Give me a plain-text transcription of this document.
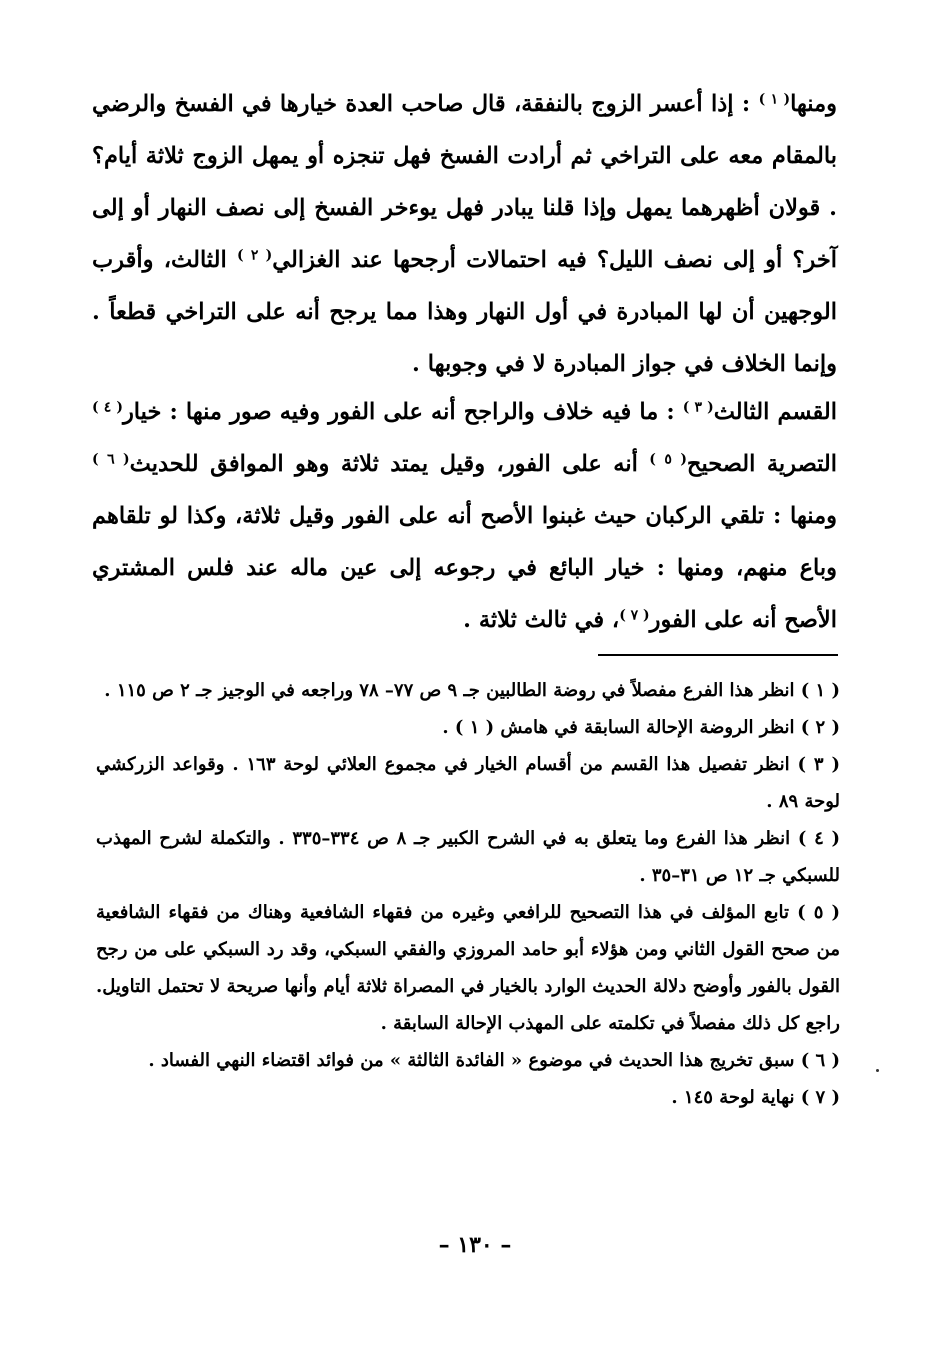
ومنها$^{( ١ )}$ : إذا أعسر الزوج بالنفقة، قال صاحب العدة خيارها في الفسخ والرضي بالمقام معه على التراخي ثم أرادت الفسخ فهل تنجزه أو يمهل الزوج ثلاثة أيام؟ . قولان أظهرهما يمهل وإذا قلنا يبادر فهل يوءخر الفسخ إلى نصف النهار أو إلى آخر؟ أو إلى نصف الليل؟ فيه احتمالات أرجحها عند الغزالي$^{( ٢ )}$ الثالث، وأقرب الوجهين أن لها المبادرة في أول النهار وهذا مما يرجح أنه على التراخي قطعاً . وإنما الخلاف في جواز المبادرة لا في وجوبها .

القسم الثالث$^{( ٣ )}$ : ما فيه خلاف والراجح أنه على الفور وفيه صور منها : خيار$^{( ٤ )}$ التصرية الصحيح$^{( ٥ )}$ أنه على الفور، وقيل يمتد ثلاثة وهو الموافق للحديث$^{( ٦ )}$ ومنها : تلقي الركبان حيث غبنوا الأصح أنه على الفور وقيل ثلاثة، وكذا لو تلقاهم وباع منهم، ومنها : خيار البائع في رجوعه إلى عين ماله عند فلس المشتري الأصح أنه على الفور$^{( ٧ )}$، في ثالث ثلاثة .

( ١ ) انظر هذا الفرع مفصلاً في روضة الطالبين جـ ٩ ص ٧٧– ٧٨ وراجعه في الوجيز جـ ٢ ص ١١٥ .

( ٢ ) انظر الروضة الإحالة السابقة في هامش ( ١ ) .

( ٣ ) انظر تفصيل هذا القسم من أقسام الخيار في مجموع العلائي لوحة ١٦٣ . وقواعد الزركشي لوحة ٨٩ .

( ٤ ) انظر هذا الفرع وما يتعلق به في الشرح الكبير جـ ٨ ص ٣٣٤–٣٣٥ . والتكملة لشرح المهذب للسبكي جـ ١٢ ص ٣١–٣٥ .

( ٥ ) تابع المؤلف في هذا التصحيح للرافعي وغيره من فقهاء الشافعية وهناك من فقهاء الشافعية من صحح القول الثاني ومن هؤلاء أبو حامد المروزي والفقي السبكي، وقد رد السبكي على من رجح القول بالفور وأوضح دلالة الحديث الوارد بالخيار في المصراة ثلاثة أيام وأنها صريحة لا تحتمل التاويل. راجع كل ذلك مفصلاً في تكلمته على المهذب الإحالة السابقة .

( ٦ ) سبق تخريج هذا الحديث في موضوع « الفائدة الثالثة » من فوائد اقتضاء النهي الفساد .

( ٧ ) نهاية لوحة ١٤٥ .

– ١٣٠ –
